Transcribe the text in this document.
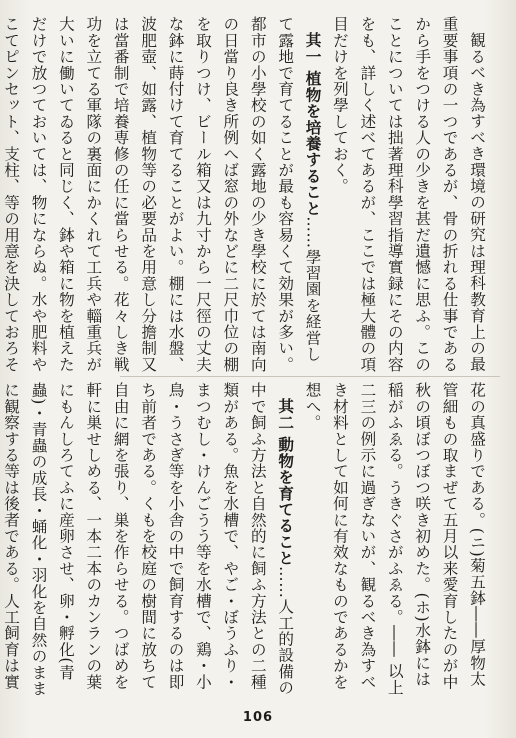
観るべき為すべき環境の研究は理科教育上の最重要事項の一つであるが、骨の折れる仕事であるから手をつける人の少きを甚だ遺憾に思ふ。このことについては拙著理科學習指導實録にその内容をも、詳しく述べてあるが、ここでは極大體の項目だけを列學しておく。

其一 植物を培養すること……學習園を経営して露地で育てることが最も容易くて効果が多い。都市の小學校の如く露地の少き學校に於ては南向の日當り良き所例へば窓の外などに二尺巾位の棚を取りつけ、ビール箱又は九寸から一尺徑の丈夫な鉢に蒔付けて育てることがよい。棚には水盤、波肥壺、如露、植物等の必要品を用意し分擔制又は當番制で培養専修の任に當らせる。花々しき戦功を立てる軍隊の裏面にかくれて工兵や輜重兵が大いに働いてゐると同じく、鉢や箱に物を植えただけで放つておいては、物にならぬ。水や肥料やこてピンセット、支柱、等の用意を決しておろそ

花の真盛りである。(ニ)菊五鉢――厚物太管細もの取まぜて五月以来愛育したのが中秋の頃ぼつぼつ咲き初めた。(ホ)水鉢には稲がふゑる。うきぐさがふゑる。―― 以上二三の例示に過ぎないが、観るべき為すべき材料として如何に有效なものであるかを想へ。

其二 動物を育てること……人工的設備の中で飼ふ方法と自然的に飼ふ方法との二種類がある。魚を水槽で、やご・ぼうふり・まつむし・けんごうう等を水槽で、鶏・小鳥・うさぎ等を小舎の中で飼育するのは即ち前者である。くもを校庭の樹間に放ちて自由に網を張り、巣を作らせる。つばめを軒に巣せしめる、一本二本のカンランの葉にもんしろてふに産卵させ、卵・孵化(青蟲)・青蟲の成長・蛹化・羽化を自然のままに観察する等は後者である。人工飼育は實

106
